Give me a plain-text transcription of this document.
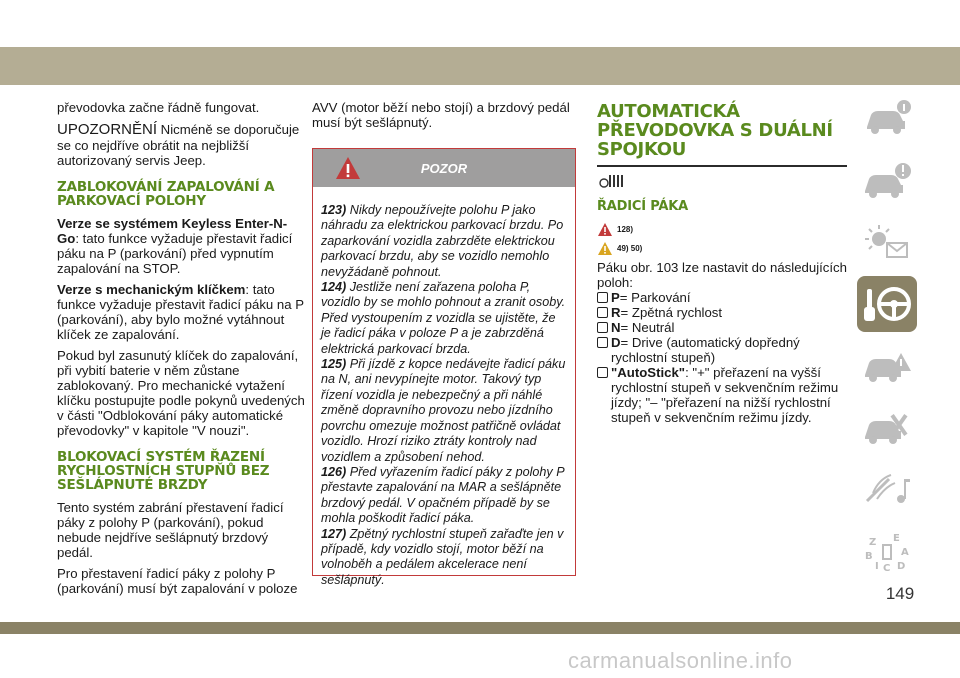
převodovka začne řádně fungovat.
UPOZORNĚNÍ Nicméně se doporučuje se co nejdříve obrátit na nejbližší autorizovaný servis Jeep.
ZABLOKOVÁNÍ ZAPALOVÁNÍ A PARKOVACÍ POLOHY
Verze se systémem Keyless Enter-N-Go: tato funkce vyžaduje přestavit řadicí páku na P (parkování) před vypnutím zapalování na STOP.
Verze s mechanickým klíčkem: tato funkce vyžaduje přestavit řadicí páku na P (parkování), aby bylo možné vytáhnout klíček ze zapalování.
Pokud byl zasunutý klíček do zapalování, při vybití baterie v něm zůstane zablokovaný. Pro mechanické vytažení klíčku postupujte podle pokynů uvedených v části "Odblokování páky automatické převodovky" v kapitole "V nouzi".
BLOKOVACÍ SYSTÉM ŘAZENÍ RYCHLOSTNÍCH STUPŇŮ BEZ SEŠLÁPNUTÉ BRZDY
Tento systém zabrání přestavení řadicí páky z polohy P (parkování), pokud nebude nejdříve sešlápnutý brzdový pedál.
Pro přestavení řadicí páky z polohy P (parkování) musí být zapalování v poloze
AVV (motor běží nebo stojí) a brzdový pedál musí být sešlápnutý.
POZOR
123) Nikdy nepoužívejte polohu P jako náhradu za elektrickou parkovací brzdu. Po zaparkování vozidla zabrzděte elektrickou parkovací brzdu, aby se vozidlo nemohlo nevyžádaně pohnout.
124) Jestliže není zařazena poloha P, vozidlo by se mohlo pohnout a zranit osoby. Před vystoupením z vozidla se ujistěte, že je řadicí páka v poloze P a je zabrzděná elektrická parkovací brzda.
125) Při jízdě z kopce nedávejte řadicí páku na N, ani nevypínejte motor. Takový typ řízení vozidla je nebezpečný a při náhlé změně dopravního provozu nebo jízdního povrchu omezuje možnost patřičně ovládat vozidlo. Hrozí riziko ztráty kontroly nad vozidlem a způsobení nehod.
126) Před vyřazením řadicí páky z polohy P přestavte zapalování na MAR a sešlápněte brzdový pedál. V opačném případě by se mohla poškodit řadicí páka.
127) Zpětný rychlostní stupeň zařaďte jen v případě, kdy vozidlo stojí, motor běží na volnoběh a pedálem akcelerace není sešlápnutý.
AUTOMATICKÁ PŘEVODOVKA S DUÁLNÍ SPOJKOU
ŘADICÍ PÁKA
128)
49) 50)
Páku obr. 103 lze nastavit do následujících poloh:
P = Parkování
R = Zpětná rychlost
N = Neutrál
D= Drive (automatický dopředný rychlostní stupeň)
"AutoStick": "+" přeřazení na vyšší rychlostní stupeň v sekvenčním režimu jízdy; "– "přeřazení na nižší rychlostní stupeň v sekvenčním režimu jízdy.
Z E
B	A
I C D
149
carmanualsonline.info
